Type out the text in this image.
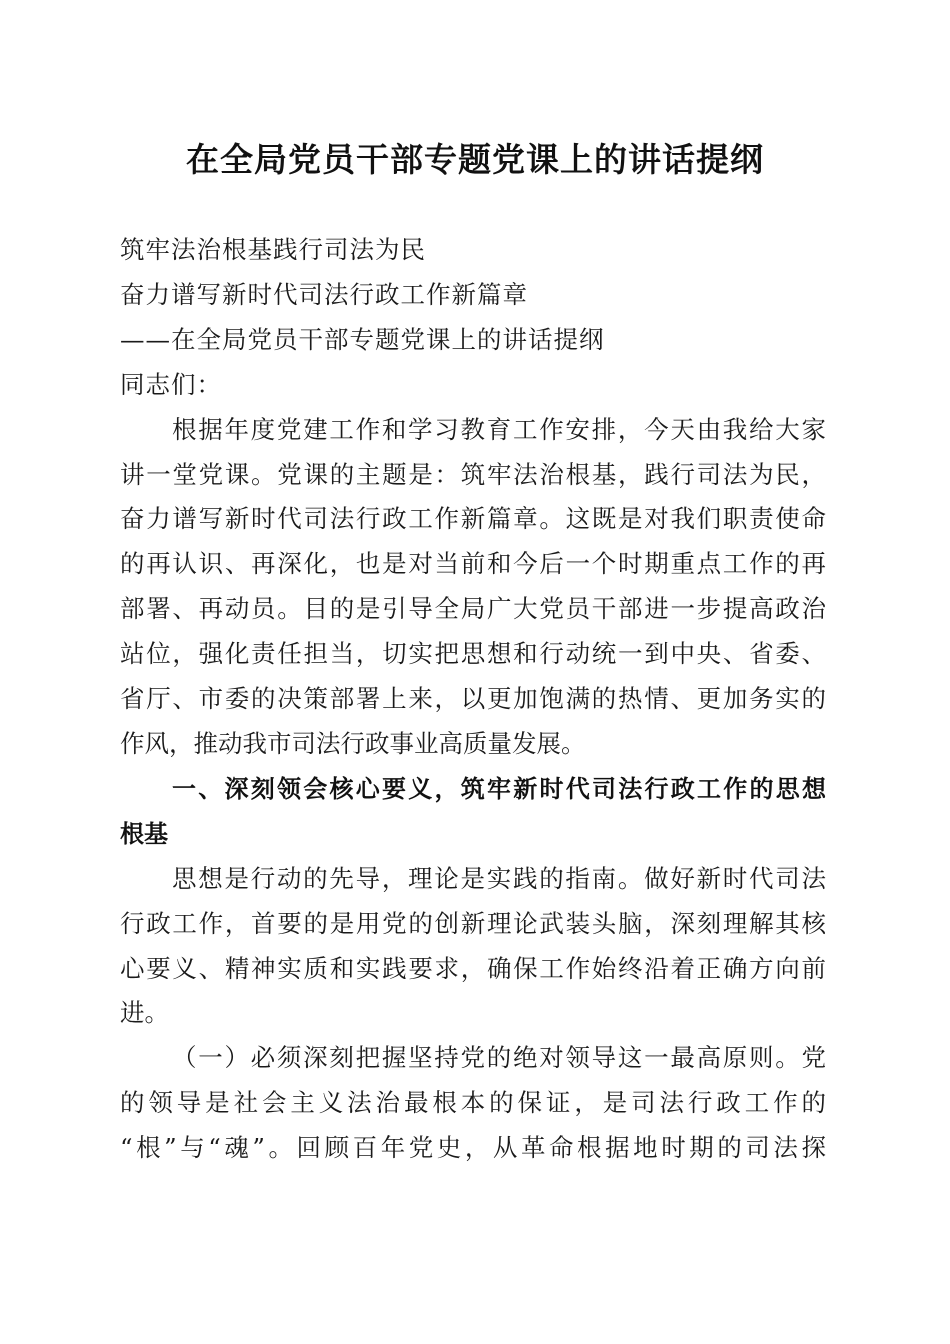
在全局党员干部专题党课上的讲话提纲

筑牢法治根基践行司法为民

奋力谱写新时代司法行政工作新篇章

——在全局党员干部专题党课上的讲话提纲

同志们：

根据年度党建工作和学习教育工作安排，今天由我给大家
讲一堂党课。党课的主题是：筑牢法治根基，践行司法为民，
奋力谱写新时代司法行政工作新篇章。这既是对我们职责使命
的再认识、再深化，也是对当前和今后一个时期重点工作的再
部署、再动员。目的是引导全局广大党员干部进一步提高政治
站位，强化责任担当，切实把思想和行动统一到中央、省委、
省厅、市委的决策部署上来，以更加饱满的热情、更加务实的
作风，推动我市司法行政事业高质量发展。

一、深刻领会核心要义，筑牢新时代司法行政工作的思想
根基

思想是行动的先导，理论是实践的指南。做好新时代司法
行政工作，首要的是用党的创新理论武装头脑，深刻理解其核
心要义、精神实质和实践要求，确保工作始终沿着正确方向前
进。

（一）必须深刻把握坚持党的绝对领导这一最高原则。党
的领导是社会主义法治最根本的保证，是司法行政工作的
“根”与“魂”。回顾百年党史，从革命根据地时期的司法探
